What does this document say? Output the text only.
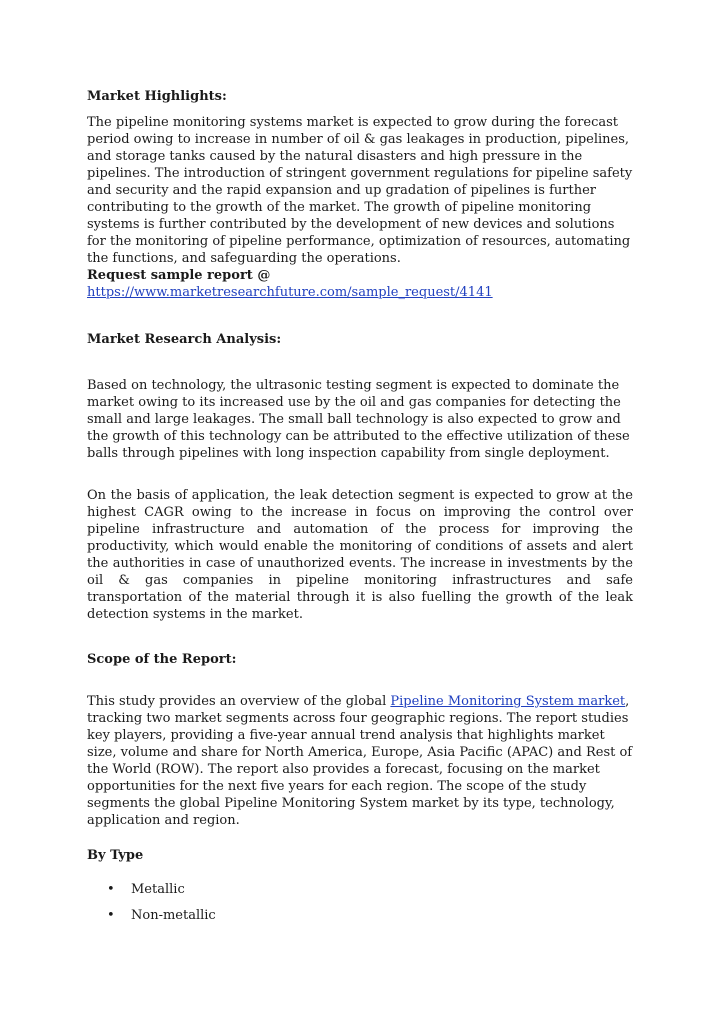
Market Highlights:

The pipeline monitoring systems market is expected to grow during the forecast period owing to increase in number of oil & gas leakages in production, pipelines, and storage tanks caused by the natural disasters and high pressure in the pipelines. The introduction of stringent government regulations for pipeline safety and security and the rapid expansion and up gradation of pipelines is further contributing to the growth of the market. The growth of pipeline monitoring systems is further contributed by the development of new devices and solutions for the monitoring of pipeline performance, optimization of resources, automating the functions, and safeguarding the operations.

Request sample report @

https://www.marketresearchfuture.com/sample_request/4141

Market Research Analysis:

Based on technology, the ultrasonic testing segment is expected to dominate the market owing to its increased use by the oil and gas companies for detecting the small and large leakages. The small ball technology is also expected to grow and the growth of this technology can be attributed to the effective utilization of these balls through pipelines with long inspection capability from single deployment.

On the basis of application, the leak detection segment is expected to grow at the highest CAGR owing to the increase in focus on improving the control over pipeline infrastructure and automation of the process for improving the productivity, which would enable the monitoring of conditions of assets and alert the authorities in case of unauthorized events. The increase in investments by the oil & gas companies in pipeline monitoring infrastructures and safe transportation of the material through it is also fuelling the growth of the leak detection systems in the market.

Scope of the Report:

This study provides an overview of the global Pipeline Monitoring System market, tracking two market segments across four geographic regions. The report studies key players, providing a five-year annual trend analysis that highlights market size, volume and share for North America, Europe, Asia Pacific (APAC) and Rest of the World (ROW). The report also provides a forecast, focusing on the market opportunities for the next five years for each region. The scope of the study segments the global Pipeline Monitoring System market by its type, technology, application and region.

By Type

• Metallic
• Non-metallic
